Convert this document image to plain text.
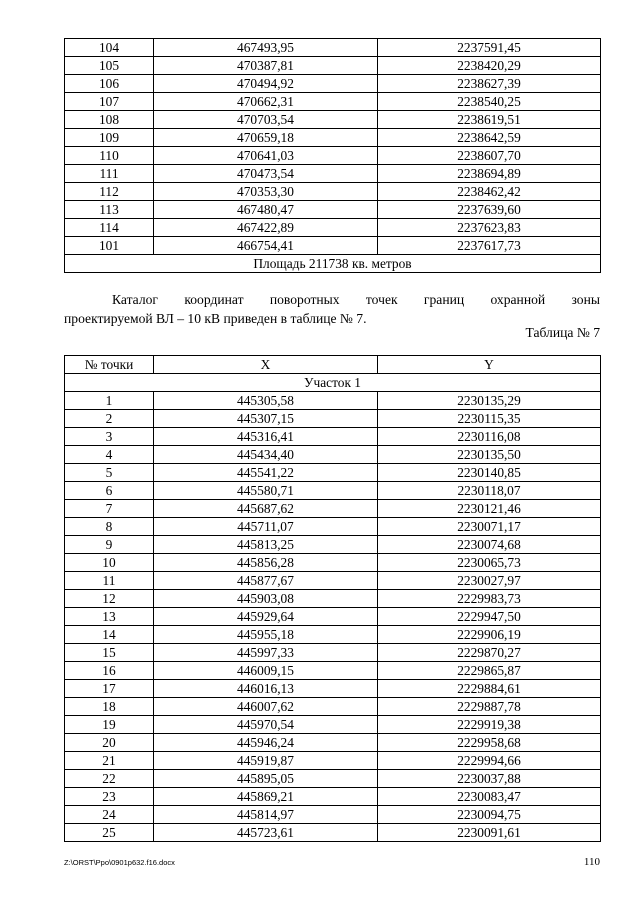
104	467493,95	2237591,45
105	470387,81	2238420,29
106	470494,92	2238627,39
107	470662,31	2238540,25
108	470703,54	2238619,51
109	470659,18	2238642,59
110	470641,03	2238607,70
111	470473,54	2238694,89
112	470353,30	2238462,42
113	467480,47	2237639,60
114	467422,89	2237623,83
101	466754,41	2237617,73
Площадь 211738 кв. метров		
Каталог координат поворотных точек границ охранной зоны
проектируемой ВЛ – 10 кВ приведен в таблице № 7.
Таблица № 7
№ точки	X	Y
Участок 1		
1	445305,58	2230135,29
2	445307,15	2230115,35
3	445316,41	2230116,08
4	445434,40	2230135,50
5	445541,22	2230140,85
6	445580,71	2230118,07
7	445687,62	2230121,46
8	445711,07	2230071,17
9	445813,25	2230074,68
10	445856,28	2230065,73
11	445877,67	2230027,97
12	445903,08	2229983,73
13	445929,64	2229947,50
14	445955,18	2229906,19
15	445997,33	2229870,27
16	446009,15	2229865,87
17	446016,13	2229884,61
18	446007,62	2229887,78
19	445970,54	2229919,38
20	445946,24	2229958,68
21	445919,87	2229994,66
22	445895,05	2230037,88
23	445869,21	2230083,47
24	445814,97	2230094,75
25	445723,61	2230091,61
Z:\ORST\Ppo\0901p632.f16.docx	110
